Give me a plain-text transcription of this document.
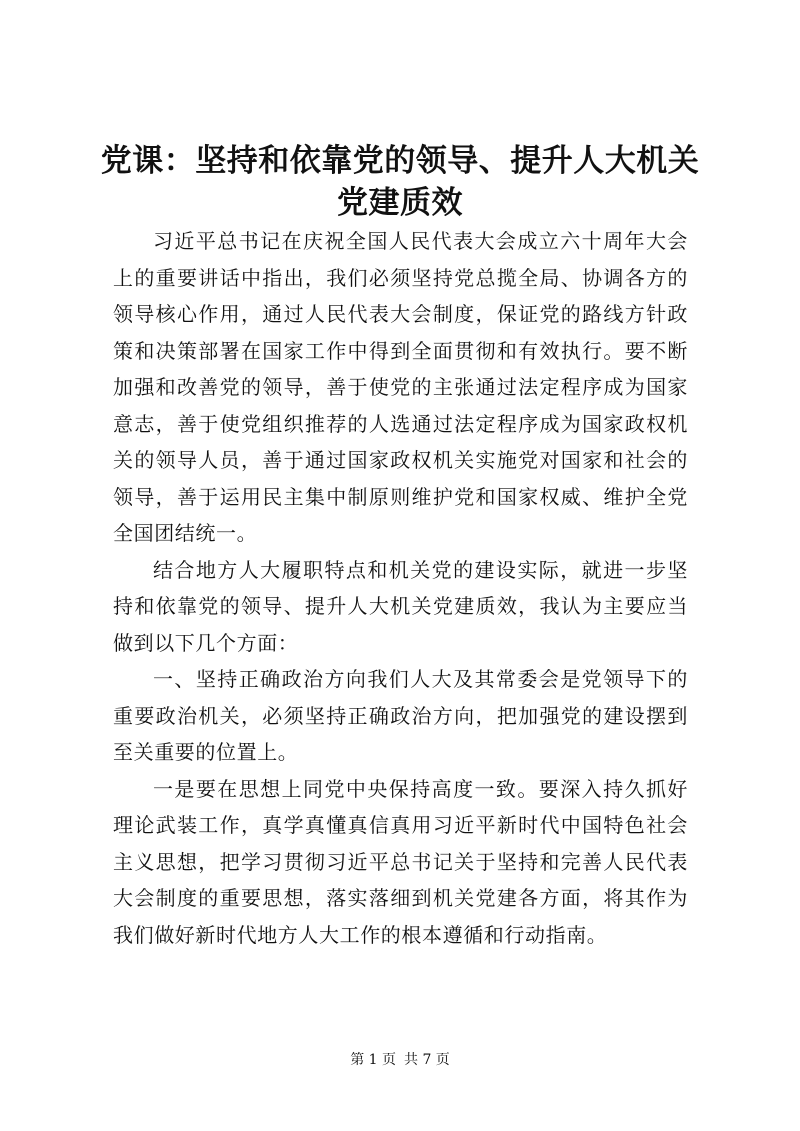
党课：坚持和依靠党的领导、提升人大机关党建质效

习近平总书记在庆祝全国人民代表大会成立六十周年大会上的重要讲话中指出，我们必须坚持党总揽全局、协调各方的领导核心作用，通过人民代表大会制度，保证党的路线方针政策和决策部署在国家工作中得到全面贯彻和有效执行。要不断加强和改善党的领导，善于使党的主张通过法定程序成为国家意志，善于使党组织推荐的人选通过法定程序成为国家政权机关的领导人员，善于通过国家政权机关实施党对国家和社会的领导，善于运用民主集中制原则维护党和国家权威、维护全党全国团结统一。

结合地方人大履职特点和机关党的建设实际，就进一步坚持和依靠党的领导、提升人大机关党建质效，我认为主要应当做到以下几个方面：

一、坚持正确政治方向我们人大及其常委会是党领导下的重要政治机关，必须坚持正确政治方向，把加强党的建设摆到至关重要的位置上。

一是要在思想上同党中央保持高度一致。要深入持久抓好理论武装工作，真学真懂真信真用习近平新时代中国特色社会主义思想，把学习贯彻习近平总书记关于坚持和完善人民代表大会制度的重要思想，落实落细到机关党建各方面，将其作为我们做好新时代地方人大工作的根本遵循和行动指南。

第 1 页 共 7 页
